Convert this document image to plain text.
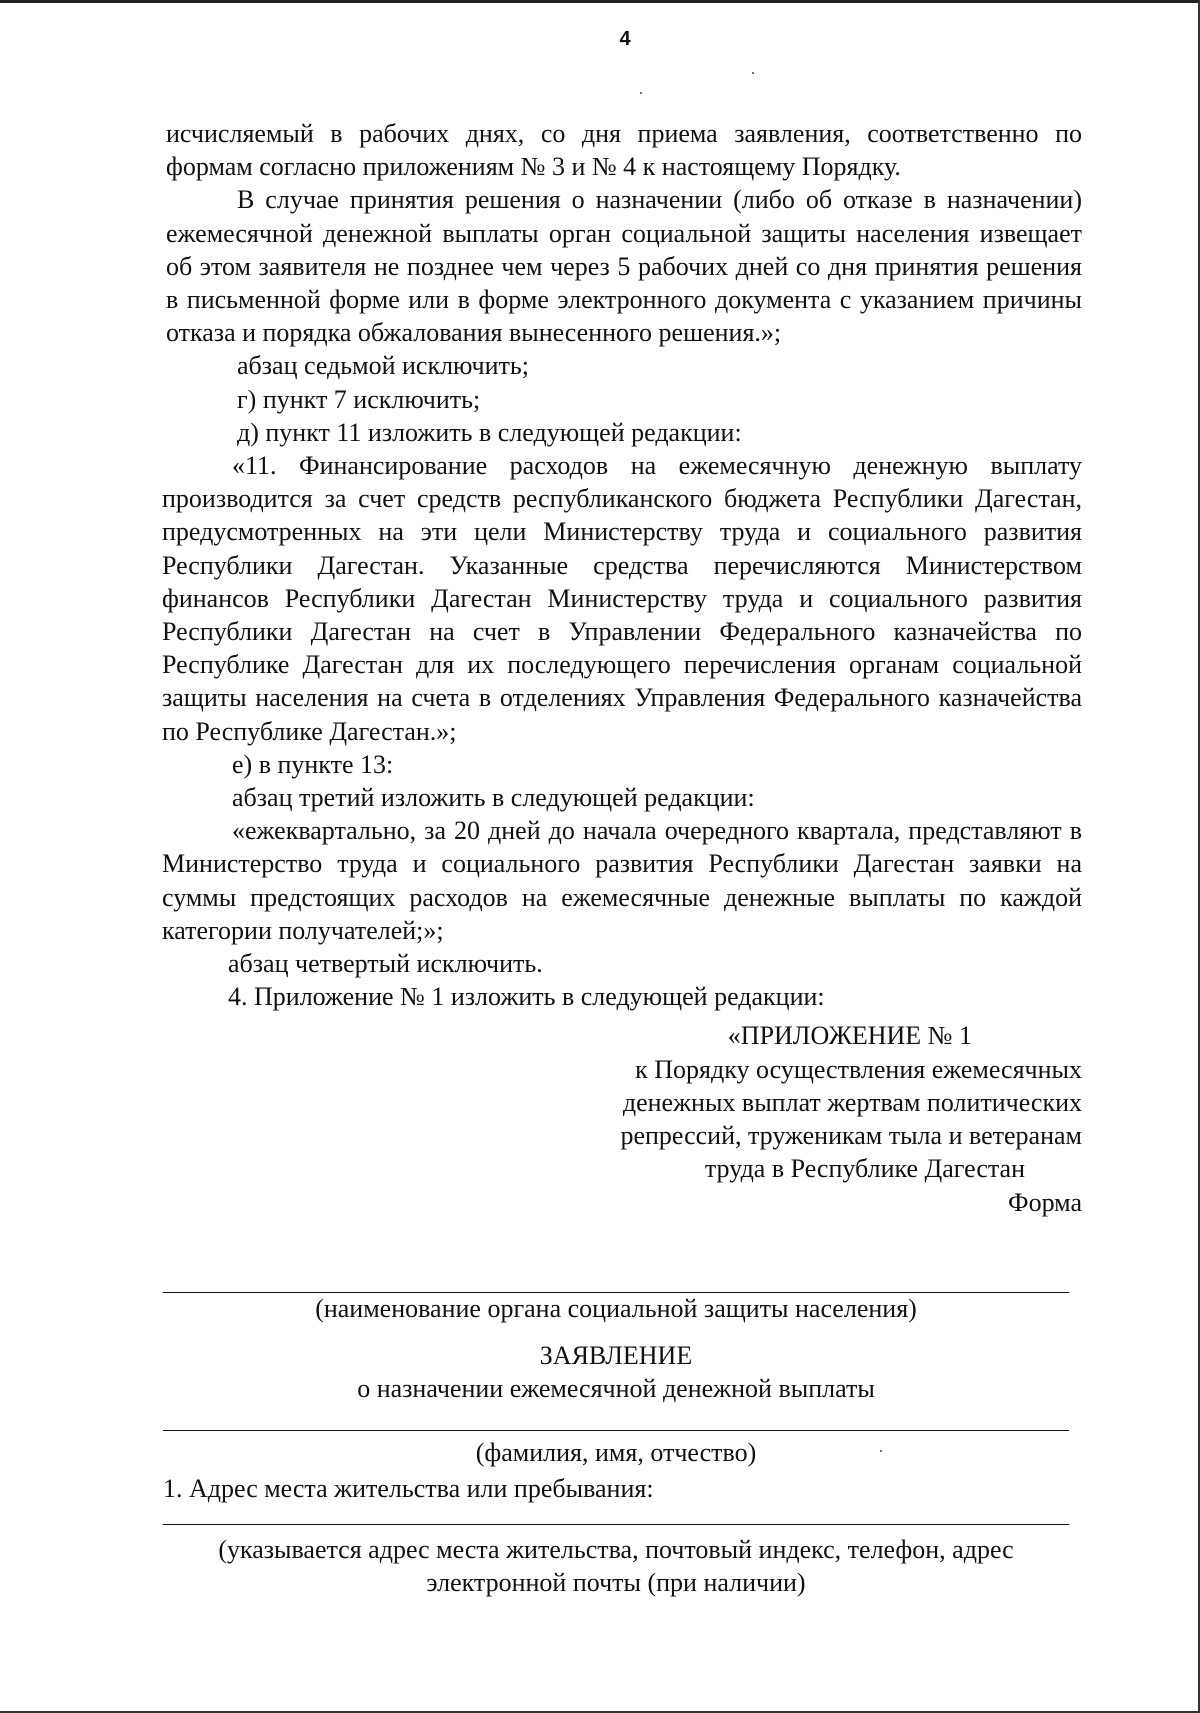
4

исчисляемый в рабочих днях, со дня приема заявления, соответственно по

формам согласно приложениям № 3 и № 4 к настоящему Порядку.

В случае принятия решения о назначении (либо об отказе в назначении) ежемесячной денежной выплаты орган социальной защиты населения извещает об этом заявителя не позднее чем через 5 рабочих дней со дня принятия решения в письменной форме или в форме электронного документа с указанием причины отказа и порядка обжалования вынесенного решения.»;

абзац седьмой исключить;

г) пункт 7 исключить;

д) пункт 11 изложить в следующей редакции:

«11. Финансирование расходов на ежемесячную денежную выплату производится за счет средств республиканского бюджета Республики Дагестан, предусмотренных на эти цели Министерству труда и социального развития Республики Дагестан. Указанные средства перечисляются Министерством финансов Республики Дагестан Министерству труда и социального развития Республики Дагестан на счет в Управлении Федерального казначейства по Республике Дагестан для их последующего перечисления органам социальной защиты населения на счета в отделениях Управления Федерального казначейства по Республике Дагестан.»;

е) в пункте 13:

абзац третий изложить в следующей редакции:

«ежеквартально, за 20 дней до начала очередного квартала, представляют в Министерство труда и социального развития Республики Дагестан заявки на суммы предстоящих расходов на ежемесячные денежные выплаты по каждой категории получателей;»;

абзац четвертый исключить.

4. Приложение № 1 изложить в следующей редакции:

«ПРИЛОЖЕНИЕ № 1

к Порядку осуществления ежемесячных

денежных выплат жертвам политических

репрессий, труженикам тыла и ветеранам

труда в Республике Дагестан

Форма

(наименование органа социальной защиты населения)
ЗАЯВЛЕНИЕ
о назначении ежемесячной денежной выплаты
(фамилия, имя, отчество)
1. Адрес места жительства или пребывания:
(указывается адрес места жительства, почтовый индекс, телефон, адрес
электронной почты (при наличии)
